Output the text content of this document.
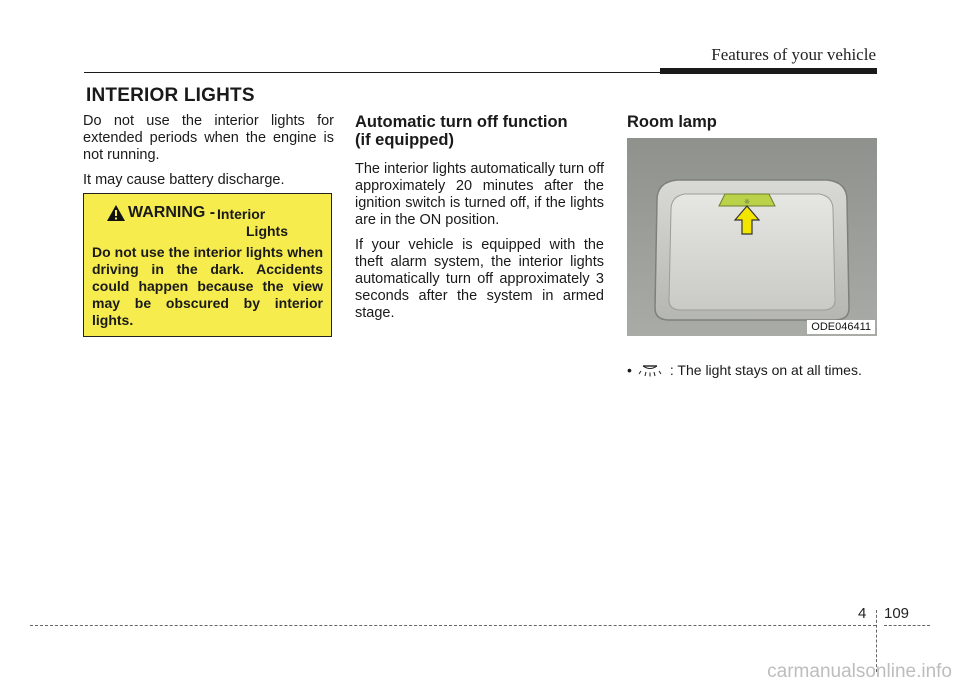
Features of your vehicle
INTERIOR LIGHTS

Do not use the interior lights for extended periods when the engine is not running.

It may cause battery discharge.

WARNING - Interior
Lights
Do not use the interior lights when driving in the dark. Accidents could happen because the view may be obscured by interior lights.
Automatic turn off function
(if equipped)

The interior lights automatically turn off approximately 20 minutes after the ignition switch is turned off, if the lights are in the ON position.

If your vehicle is equipped with the theft alarm system, the interior lights automatically turn off approximately 3 seconds after the system in armed stage.

Room lamp
☼
ODE046411
•	: The light stays on at all times.
4 109
carmanualsonline.info
